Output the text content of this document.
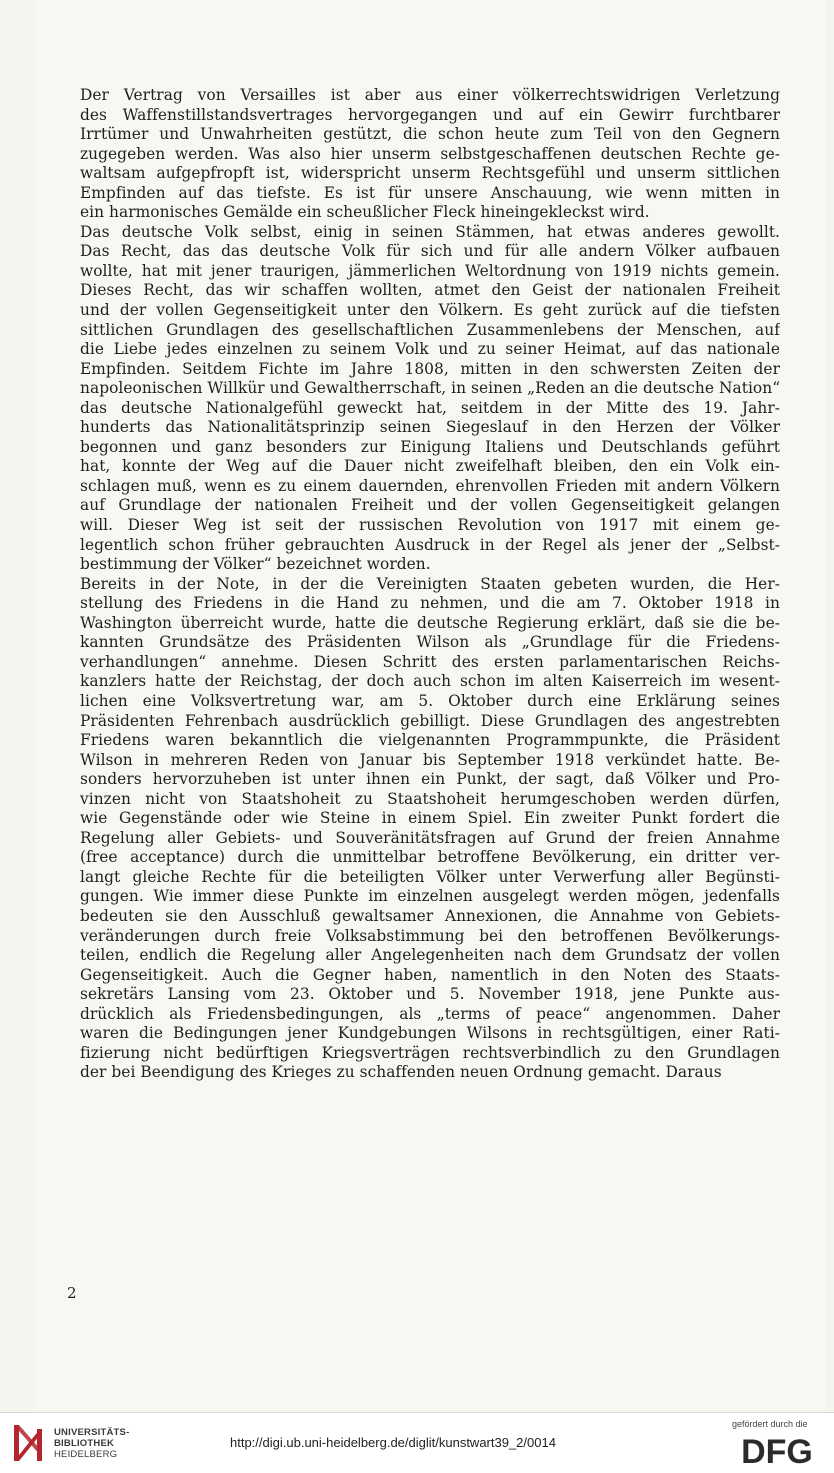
Der Vertrag von Versailles ist aber aus einer völkerrechtswidrigen Verletzung
des Waffenstillstandsvertrages hervorgegangen und auf ein Gewirr furchtbarer
Irrtümer und Unwahrheiten gestützt, die schon heute zum Teil von den Gegnern
zugegeben werden. Was also hier unserm selbstgeschaffenen deutschen Rechte ge-
waltsam aufgepfropft ist, widerspricht unserm Rechtsgefühl und unserm sittlichen
Empfinden auf das tiefste. Es ist für unsere Anschauung, wie wenn mitten in
ein harmonisches Gemälde ein scheußlicher Fleck hineingekleckst wird.
Das deutsche Volk selbst, einig in seinen Stämmen, hat etwas anderes gewollt.
Das Recht, das das deutsche Volk für sich und für alle andern Völker aufbauen
wollte, hat mit jener traurigen, jämmerlichen Weltordnung von 1919 nichts gemein.
Dieses Recht, das wir schaffen wollten, atmet den Geist der nationalen Freiheit
und der vollen Gegenseitigkeit unter den Völkern. Es geht zurück auf die tiefsten
sittlichen Grundlagen des gesellschaftlichen Zusammenlebens der Menschen, auf
die Liebe jedes einzelnen zu seinem Volk und zu seiner Heimat, auf das nationale
Empfinden. Seitdem Fichte im Jahre 1808, mitten in den schwersten Zeiten der
napoleonischen Willkür und Gewaltherrschaft, in seinen „Reden an die deutsche Nation“
das deutsche Nationalgefühl geweckt hat, seitdem in der Mitte des 19. Jahr-
hunderts das Nationalitätsprinzip seinen Siegeslauf in den Herzen der Völker
begonnen und ganz besonders zur Einigung Italiens und Deutschlands geführt
hat, konnte der Weg auf die Dauer nicht zweifelhaft bleiben, den ein Volk ein-
schlagen muß, wenn es zu einem dauernden, ehrenvollen Frieden mit andern Völkern
auf Grundlage der nationalen Freiheit und der vollen Gegenseitigkeit gelangen
will. Dieser Weg ist seit der russischen Revolution von 1917 mit einem ge-
legentlich schon früher gebrauchten Ausdruck in der Regel als jener der „Selbst-
bestimmung der Völker“ bezeichnet worden.
Bereits in der Note, in der die Vereinigten Staaten gebeten wurden, die Her-
stellung des Friedens in die Hand zu nehmen, und die am 7. Oktober 1918 in
Washington überreicht wurde, hatte die deutsche Regierung erklärt, daß sie die be-
kannten Grundsätze des Präsidenten Wilson als „Grundlage für die Friedens-
verhandlungen“ annehme. Diesen Schritt des ersten parlamentarischen Reichs-
kanzlers hatte der Reichstag, der doch auch schon im alten Kaiserreich im wesent-
lichen eine Volksvertretung war, am 5. Oktober durch eine Erklärung seines
Präsidenten Fehrenbach ausdrücklich gebilligt. Diese Grundlagen des angestrebten
Friedens waren bekanntlich die vielgenannten Programmpunkte, die Präsident
Wilson in mehreren Reden von Januar bis September 1918 verkündet hatte. Be-
sonders hervorzuheben ist unter ihnen ein Punkt, der sagt, daß Völker und Pro-
vinzen nicht von Staatshoheit zu Staatshoheit herumgeschoben werden dürfen,
wie Gegenstände oder wie Steine in einem Spiel. Ein zweiter Punkt fordert die
Regelung aller Gebiets- und Souveränitätsfragen auf Grund der freien Annahme
(free acceptance) durch die unmittelbar betroffene Bevölkerung, ein dritter ver-
langt gleiche Rechte für die beteiligten Völker unter Verwerfung aller Begünsti-
gungen. Wie immer diese Punkte im einzelnen ausgelegt werden mögen, jedenfalls
bedeuten sie den Ausschluß gewaltsamer Annexionen, die Annahme von Gebiets-
veränderungen durch freie Volksabstimmung bei den betroffenen Bevölkerungs-
teilen, endlich die Regelung aller Angelegenheiten nach dem Grundsatz der vollen
Gegenseitigkeit. Auch die Gegner haben, namentlich in den Noten des Staats-
sekretärs Lansing vom 23. Oktober und 5. November 1918, jene Punkte aus-
drücklich als Friedensbedingungen, als „terms of peace“ angenommen. Daher
waren die Bedingungen jener Kundgebungen Wilsons in rechtsgültigen, einer Rati-
fizierung nicht bedürftigen Kriegsverträgen rechtsverbindlich zu den Grundlagen
der bei Beendigung des Krieges zu schaffenden neuen Ordnung gemacht. Daraus
2
UNIVERSITÄTS-
BIBLIOTHEK
HEIDELBERG
http://digi.ub.uni-heidelberg.de/diglit/kunstwart39_2/0014
gefördert durch die
DFG
